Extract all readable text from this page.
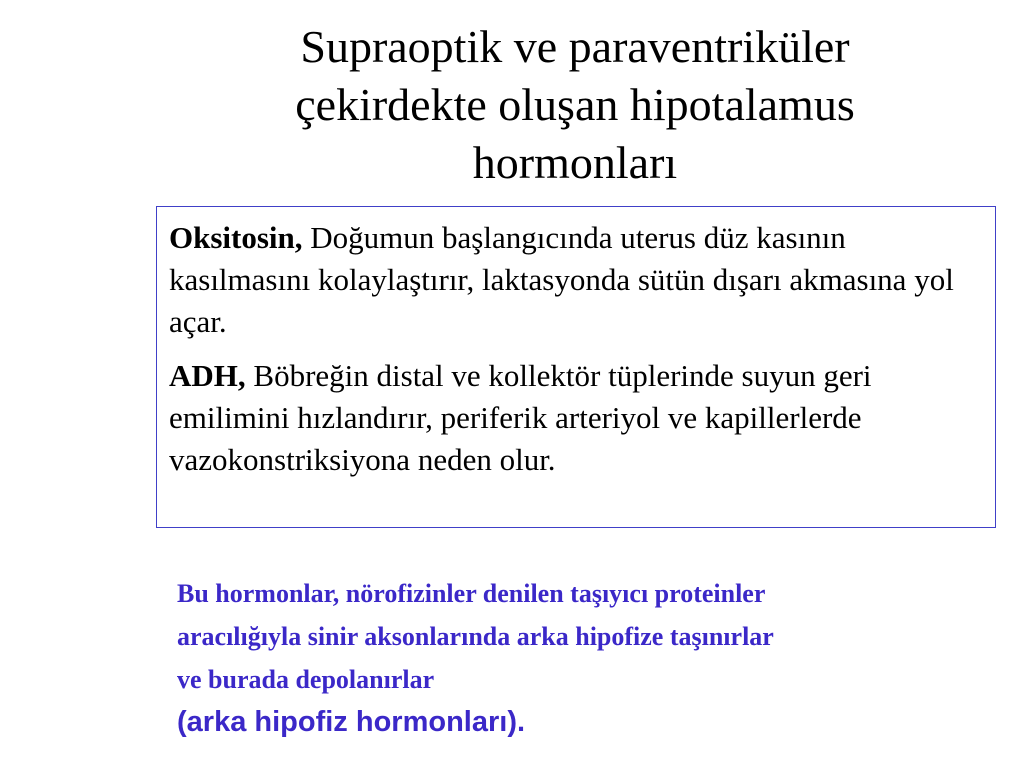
Supraoptik ve paraventriküler
çekirdekte oluşan hipotalamus
hormonları

Oksitosin, Doğumun başlangıcında uterus düz kasının kasılmasını kolaylaştırır, laktasyonda sütün dışarı akmasına yol açar.

ADH, Böbreğin distal ve kollektör tüplerinde suyun geri emilimini hızlandırır, periferik arteriyol ve kapillerlerde vazokonstriksiyona neden olur.

Bu hormonlar, nörofizinler denilen taşıyıcı proteinler
aracılığıyla sinir aksonlarında arka hipofize taşınırlar
ve burada depolanırlar
(arka hipofiz hormonları).
